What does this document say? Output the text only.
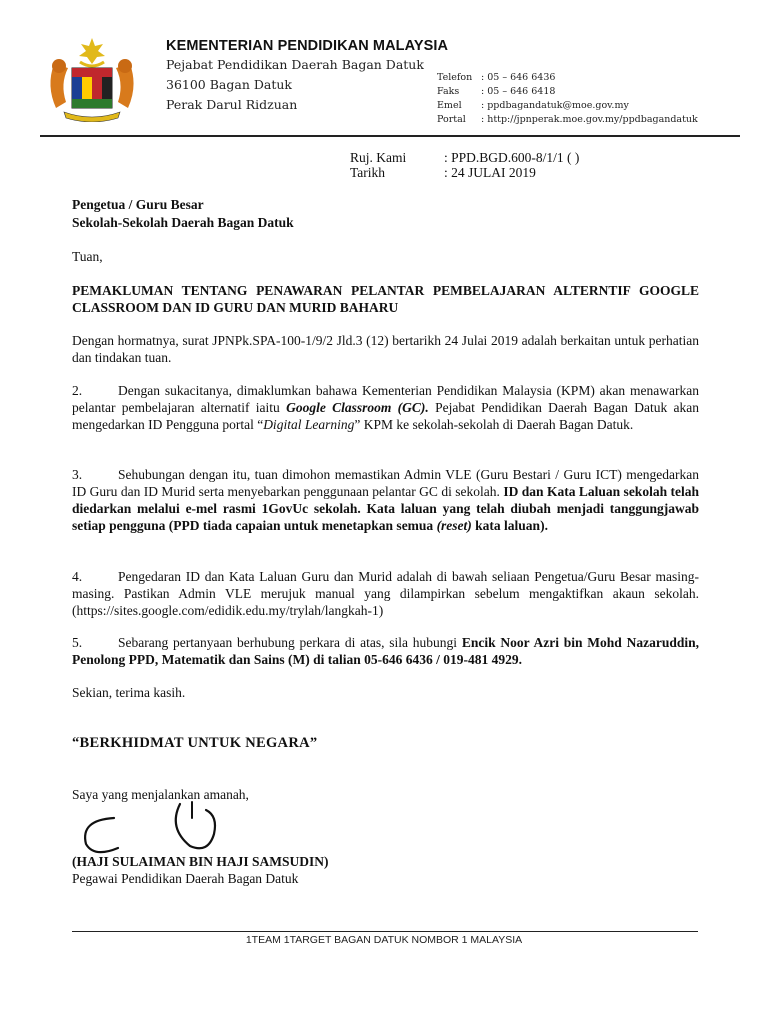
KEMENTERIAN PENDIDIKAN MALAYSIA
Pejabat Pendidikan Daerah Bagan Datuk
36100 Bagan Datuk
Perak Darul Ridzuan
Telefon : 05 – 646 6436
Faks : 05 – 646 6418
Emel : ppdbagandatuk@moe.gov.my
Portal : http://jpnperak.moe.gov.my/ppdbagandatuk
Ruj. Kami	: PPD.BGD.600-8/1/1 ( )
Tarikh	: 24 JULAI 2019
Pengetua / Guru Besar
Sekolah-Sekolah Daerah Bagan Datuk
Tuan,
PEMAKLUMAN TENTANG PENAWARAN PELANTAR PEMBELAJARAN ALTERNTIF GOOGLE CLASSROOM DAN ID GURU DAN MURID BAHARU
Dengan hormatnya, surat JPNPk.SPA-100-1/9/2 Jld.3 (12) bertarikh 24 Julai 2019 adalah berkaitan untuk perhatian dan tindakan tuan.
2.	Dengan sukacitanya, dimaklumkan bahawa Kementerian Pendidikan Malaysia (KPM) akan menawarkan pelantar pembelajaran alternatif iaitu Google Classroom (GC). Pejabat Pendidikan Daerah Bagan Datuk akan mengedarkan ID Pengguna portal “Digital Learning” KPM ke sekolah-sekolah di Daerah Bagan Datuk.
3.	Sehubungan dengan itu, tuan dimohon memastikan Admin VLE (Guru Bestari / Guru ICT) mengedarkan ID Guru dan ID Murid serta menyebarkan penggunaan pelantar GC di sekolah. ID dan Kata Laluan sekolah telah diedarkan melalui e-mel rasmi 1GovUc sekolah. Kata laluan yang telah diubah menjadi tanggungjawab setiap pengguna (PPD tiada capaian untuk menetapkan semua (reset) kata laluan).
4.	Pengedaran ID dan Kata Laluan Guru dan Murid adalah di bawah seliaan Pengetua/Guru Besar masing-masing. Pastikan Admin VLE merujuk manual yang dilampirkan sebelum mengaktifkan akaun sekolah. (https://sites.google.com/edidik.edu.my/trylah/langkah-1)
5.	Sebarang pertanyaan berhubung perkara di atas, sila hubungi Encik Noor Azri bin Mohd Nazaruddin, Penolong PPD, Matematik dan Sains (M) di talian 05-646 6436 / 019-481 4929.
Sekian, terima kasih.
“BERKHIDMAT UNTUK NEGARA”
Saya yang menjalankan amanah,
(HAJI SULAIMAN BIN HAJI SAMSUDIN)
Pegawai Pendidikan Daerah Bagan Datuk
1TEAM 1TARGET BAGAN DATUK NOMBOR 1 MALAYSIA
